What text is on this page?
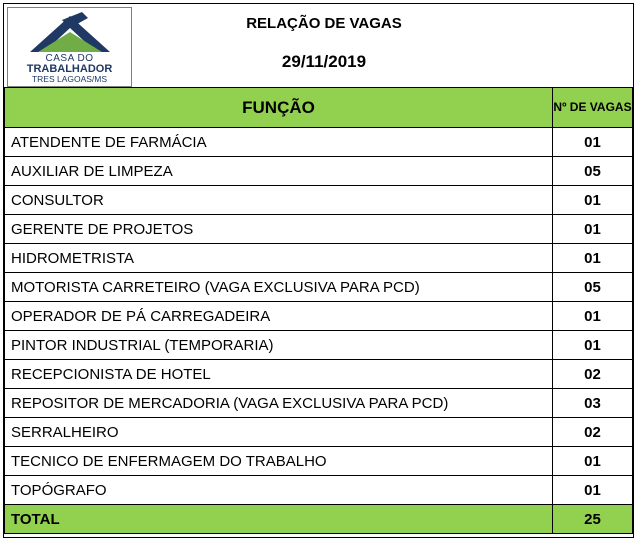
CASA DO
TRABALHADOR
TRES LAGOAS/MS
RELAÇÃO DE VAGAS
29/11/2019
FUNÇÃO	Nº DE VAGAS
ATENDENTE DE FARMÁCIA	01
AUXILIAR DE LIMPEZA	05
CONSULTOR	01
GERENTE DE PROJETOS	01
HIDROMETRISTA	01
MOTORISTA CARRETEIRO (VAGA EXCLUSIVA PARA PCD)	05
OPERADOR DE PÁ CARREGADEIRA	01
PINTOR INDUSTRIAL (TEMPORARIA)	01
RECEPCIONISTA DE HOTEL	02
REPOSITOR DE MERCADORIA (VAGA EXCLUSIVA PARA PCD)	03
SERRALHEIRO	02
TECNICO DE ENFERMAGEM DO TRABALHO	01
TOPÓGRAFO	01
TOTAL	25
